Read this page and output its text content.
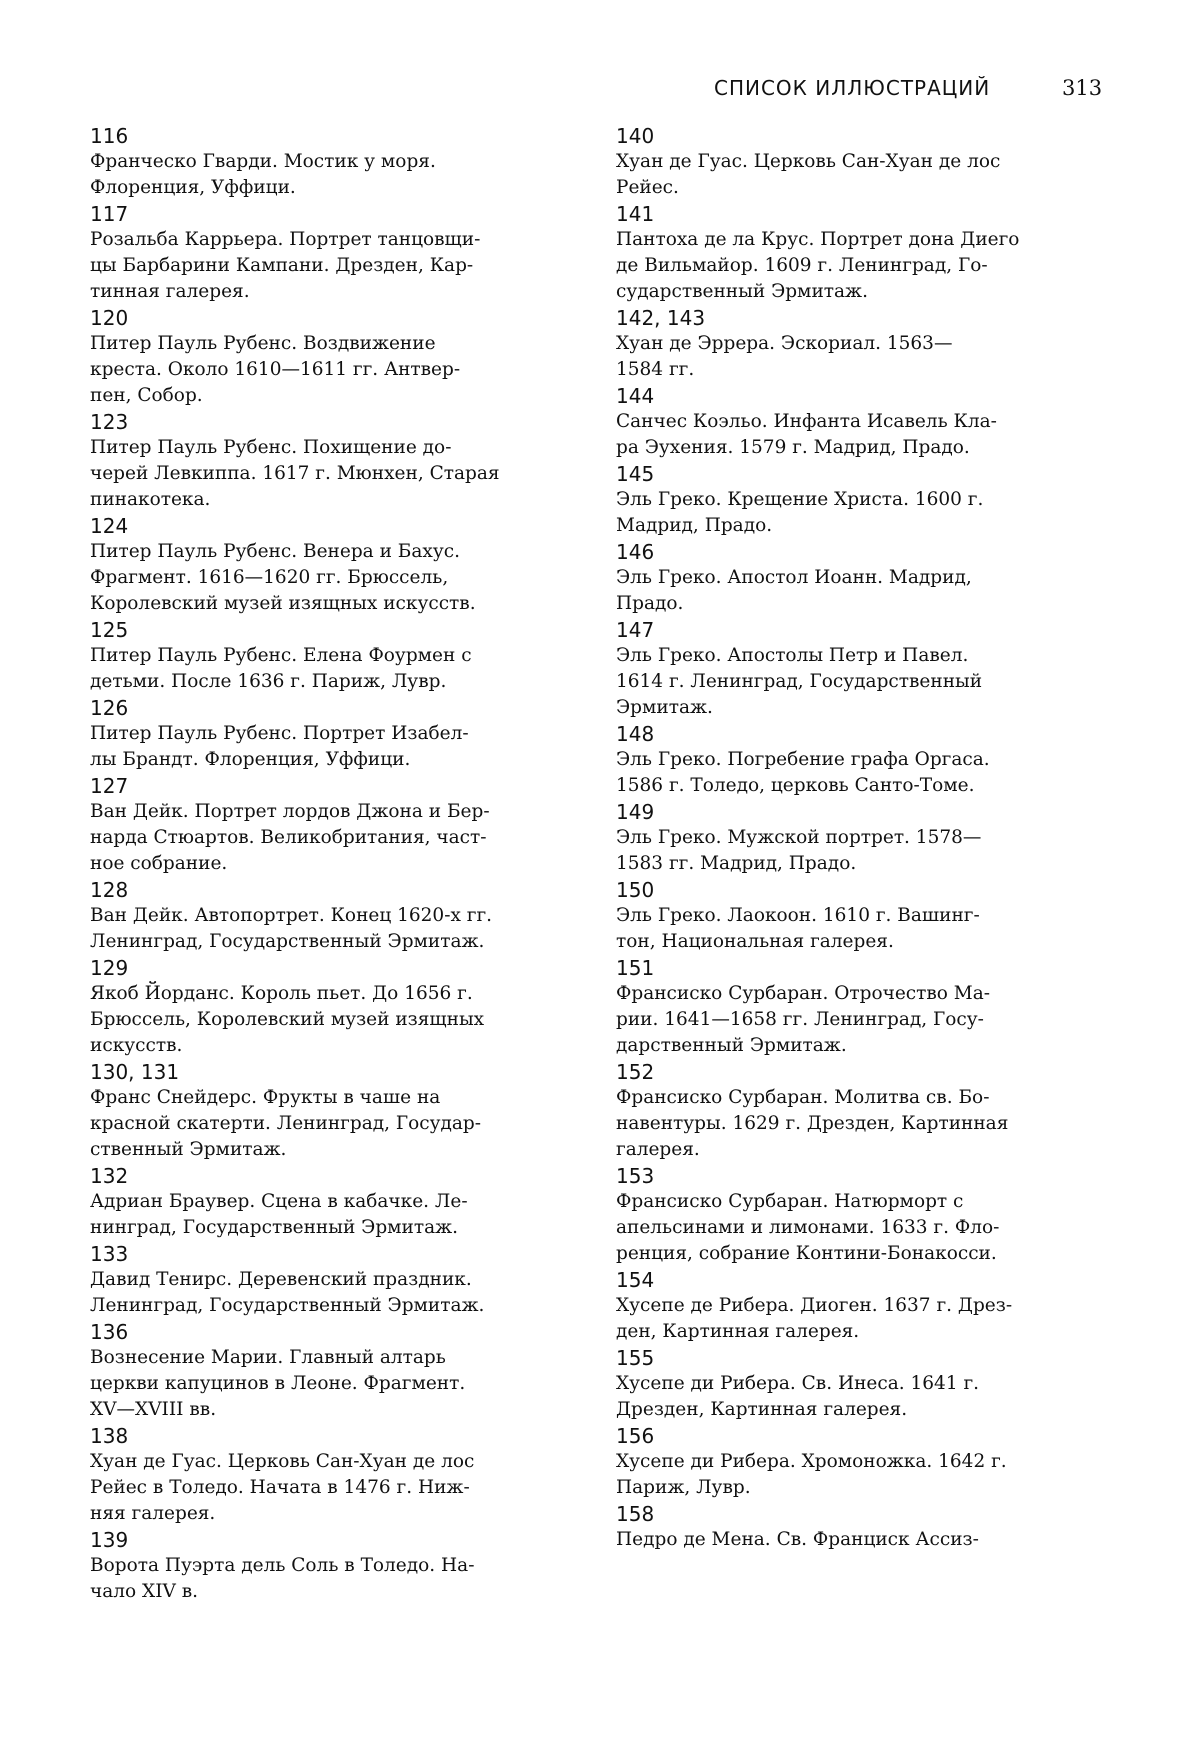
СПИСОК ИЛЛЮСТРАЦИЙ	313
116
Франческо Гварди. Мостик у моря.
Флоренция, Уффици.
117
Розальба Каррьера. Портрет танцовщи-
цы Барбарини Кампани. Дрезден, Кар-
тинная галерея.
120
Питер Пауль Рубенс. Воздвижение
креста. Около 1610—1611 гг. Антвер-
пен, Собор.
123
Питер Пауль Рубенс. Похищение до-
черей Левкиппа. 1617 г. Мюнхен, Старая
пинакотека.
124
Питер Пауль Рубенс. Венера и Бахус.
Фрагмент. 1616—1620 гг. Брюссель,
Королевский музей изящных искусств.
125
Питер Пауль Рубенс. Елена Фоурмен с
детьми. После 1636 г. Париж, Лувр.
126
Питер Пауль Рубенс. Портрет Изабел-
лы Брандт. Флоренция, Уффици.
127
Ван Дейк. Портрет лордов Джона и Бер-
нарда Стюартов. Великобритания, част-
ное собрание.
128
Ван Дейк. Автопортрет. Конец 1620-х гг.
Ленинград, Государственный Эрмитаж.
129
Якоб Йорданс. Король пьет. До 1656 г.
Брюссель, Королевский музей изящных
искусств.
130, 131
Франс Снейдерс. Фрукты в чаше на
красной скатерти. Ленинград, Государ-
ственный Эрмитаж.
132
Адриан Браувер. Сцена в кабачке. Ле-
нинград, Государственный Эрмитаж.
133
Давид Тенирс. Деревенский праздник.
Ленинград, Государственный Эрмитаж.
136
Вознесение Марии. Главный алтарь
церкви капуцинов в Леоне. Фрагмент.
XV—XVIII вв.
138
Хуан де Гуас. Церковь Сан-Хуан де лос
Рейес в Толедо. Начата в 1476 г. Ниж-
няя галерея.
139
Ворота Пуэрта дель Соль в Толедо. На-
чало XIV в.
140
Хуан де Гуас. Церковь Сан-Хуан де лос
Рейес.
141
Пантоха де ла Крус. Портрет дона Диего
де Вильмайор. 1609 г. Ленинград, Го-
сударственный Эрмитаж.
142, 143
Хуан де Эррера. Эскориал. 1563—
1584 гг.
144
Санчес Коэльо. Инфанта Исавель Кла-
ра Эухения. 1579 г. Мадрид, Прадо.
145
Эль Греко. Крещение Христа. 1600 г.
Мадрид, Прадо.
146
Эль Греко. Апостол Иоанн. Мадрид,
Прадо.
147
Эль Греко. Апостолы Петр и Павел.
1614 г. Ленинград, Государственный
Эрмитаж.
148
Эль Греко. Погребение графа Оргаса.
1586 г. Толедо, церковь Санто-Томе.
149
Эль Греко. Мужской портрет. 1578—
1583 гг. Мадрид, Прадо.
150
Эль Греко. Лаокоон. 1610 г. Вашинг-
тон, Национальная галерея.
151
Франсиско Сурбаран. Отрочество Ма-
рии. 1641—1658 гг. Ленинград, Госу-
дарственный Эрмитаж.
152
Франсиско Сурбаран. Молитва св. Бо-
навентуры. 1629 г. Дрезден, Картинная
галерея.
153
Франсиско Сурбаран. Натюрморт с
апельсинами и лимонами. 1633 г. Фло-
ренция, собрание Контини-Бонакосси.
154
Хусепе де Рибера. Диоген. 1637 г. Дрез-
ден, Картинная галерея.
155
Хусепе ди Рибера. Св. Инеса. 1641 г.
Дрезден, Картинная галерея.
156
Хусепе ди Рибера. Хромоножка. 1642 г.
Париж, Лувр.
158
Педро де Мена. Св. Франциск Ассиз-
